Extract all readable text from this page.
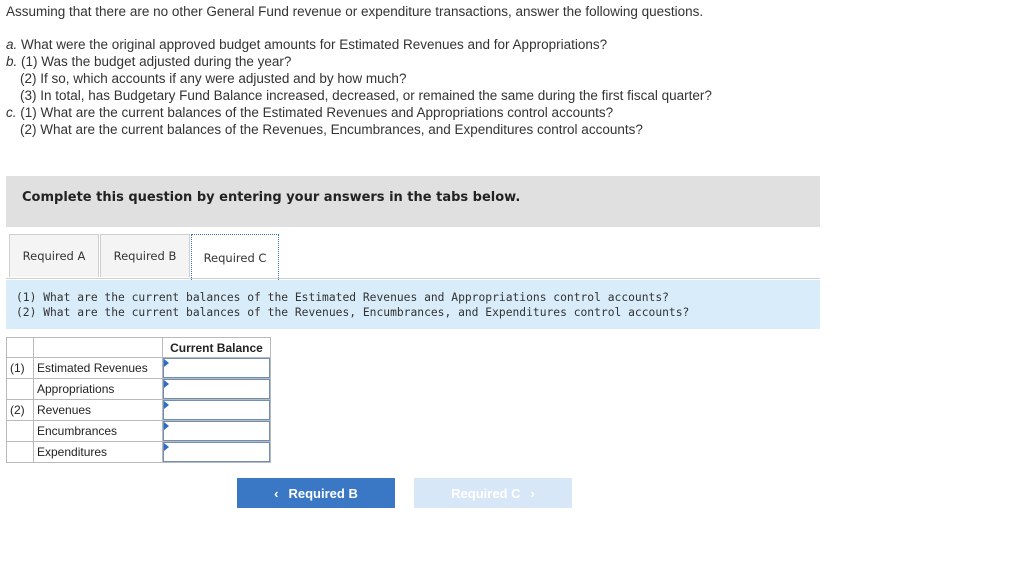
Assuming that there are no other General Fund revenue or expenditure transactions, answer the following questions.
a. What were the original approved budget amounts for Estimated Revenues and for Appropriations?
b. (1) Was the budget adjusted during the year?
(2) If so, which accounts if any were adjusted and by how much?
(3) In total, has Budgetary Fund Balance increased, decreased, or remained the same during the first fiscal quarter?
c. (1) What are the current balances of the Estimated Revenues and Appropriations control accounts?
(2) What are the current balances of the Revenues, Encumbrances, and Expenditures control accounts?
Complete this question by entering your answers in the tabs below.
Required A	Required B	Required C
(1) What are the current balances of the Estimated Revenues and Appropriations control accounts?
(2) What are the current balances of the Revenues, Encumbrances, and Expenditures control accounts?
		Current Balance
(1)	Estimated Revenues	

	Appropriations	

(2)	Revenues	

	Encumbrances	

	Expenditures	
‹ Required B	Required C ›
